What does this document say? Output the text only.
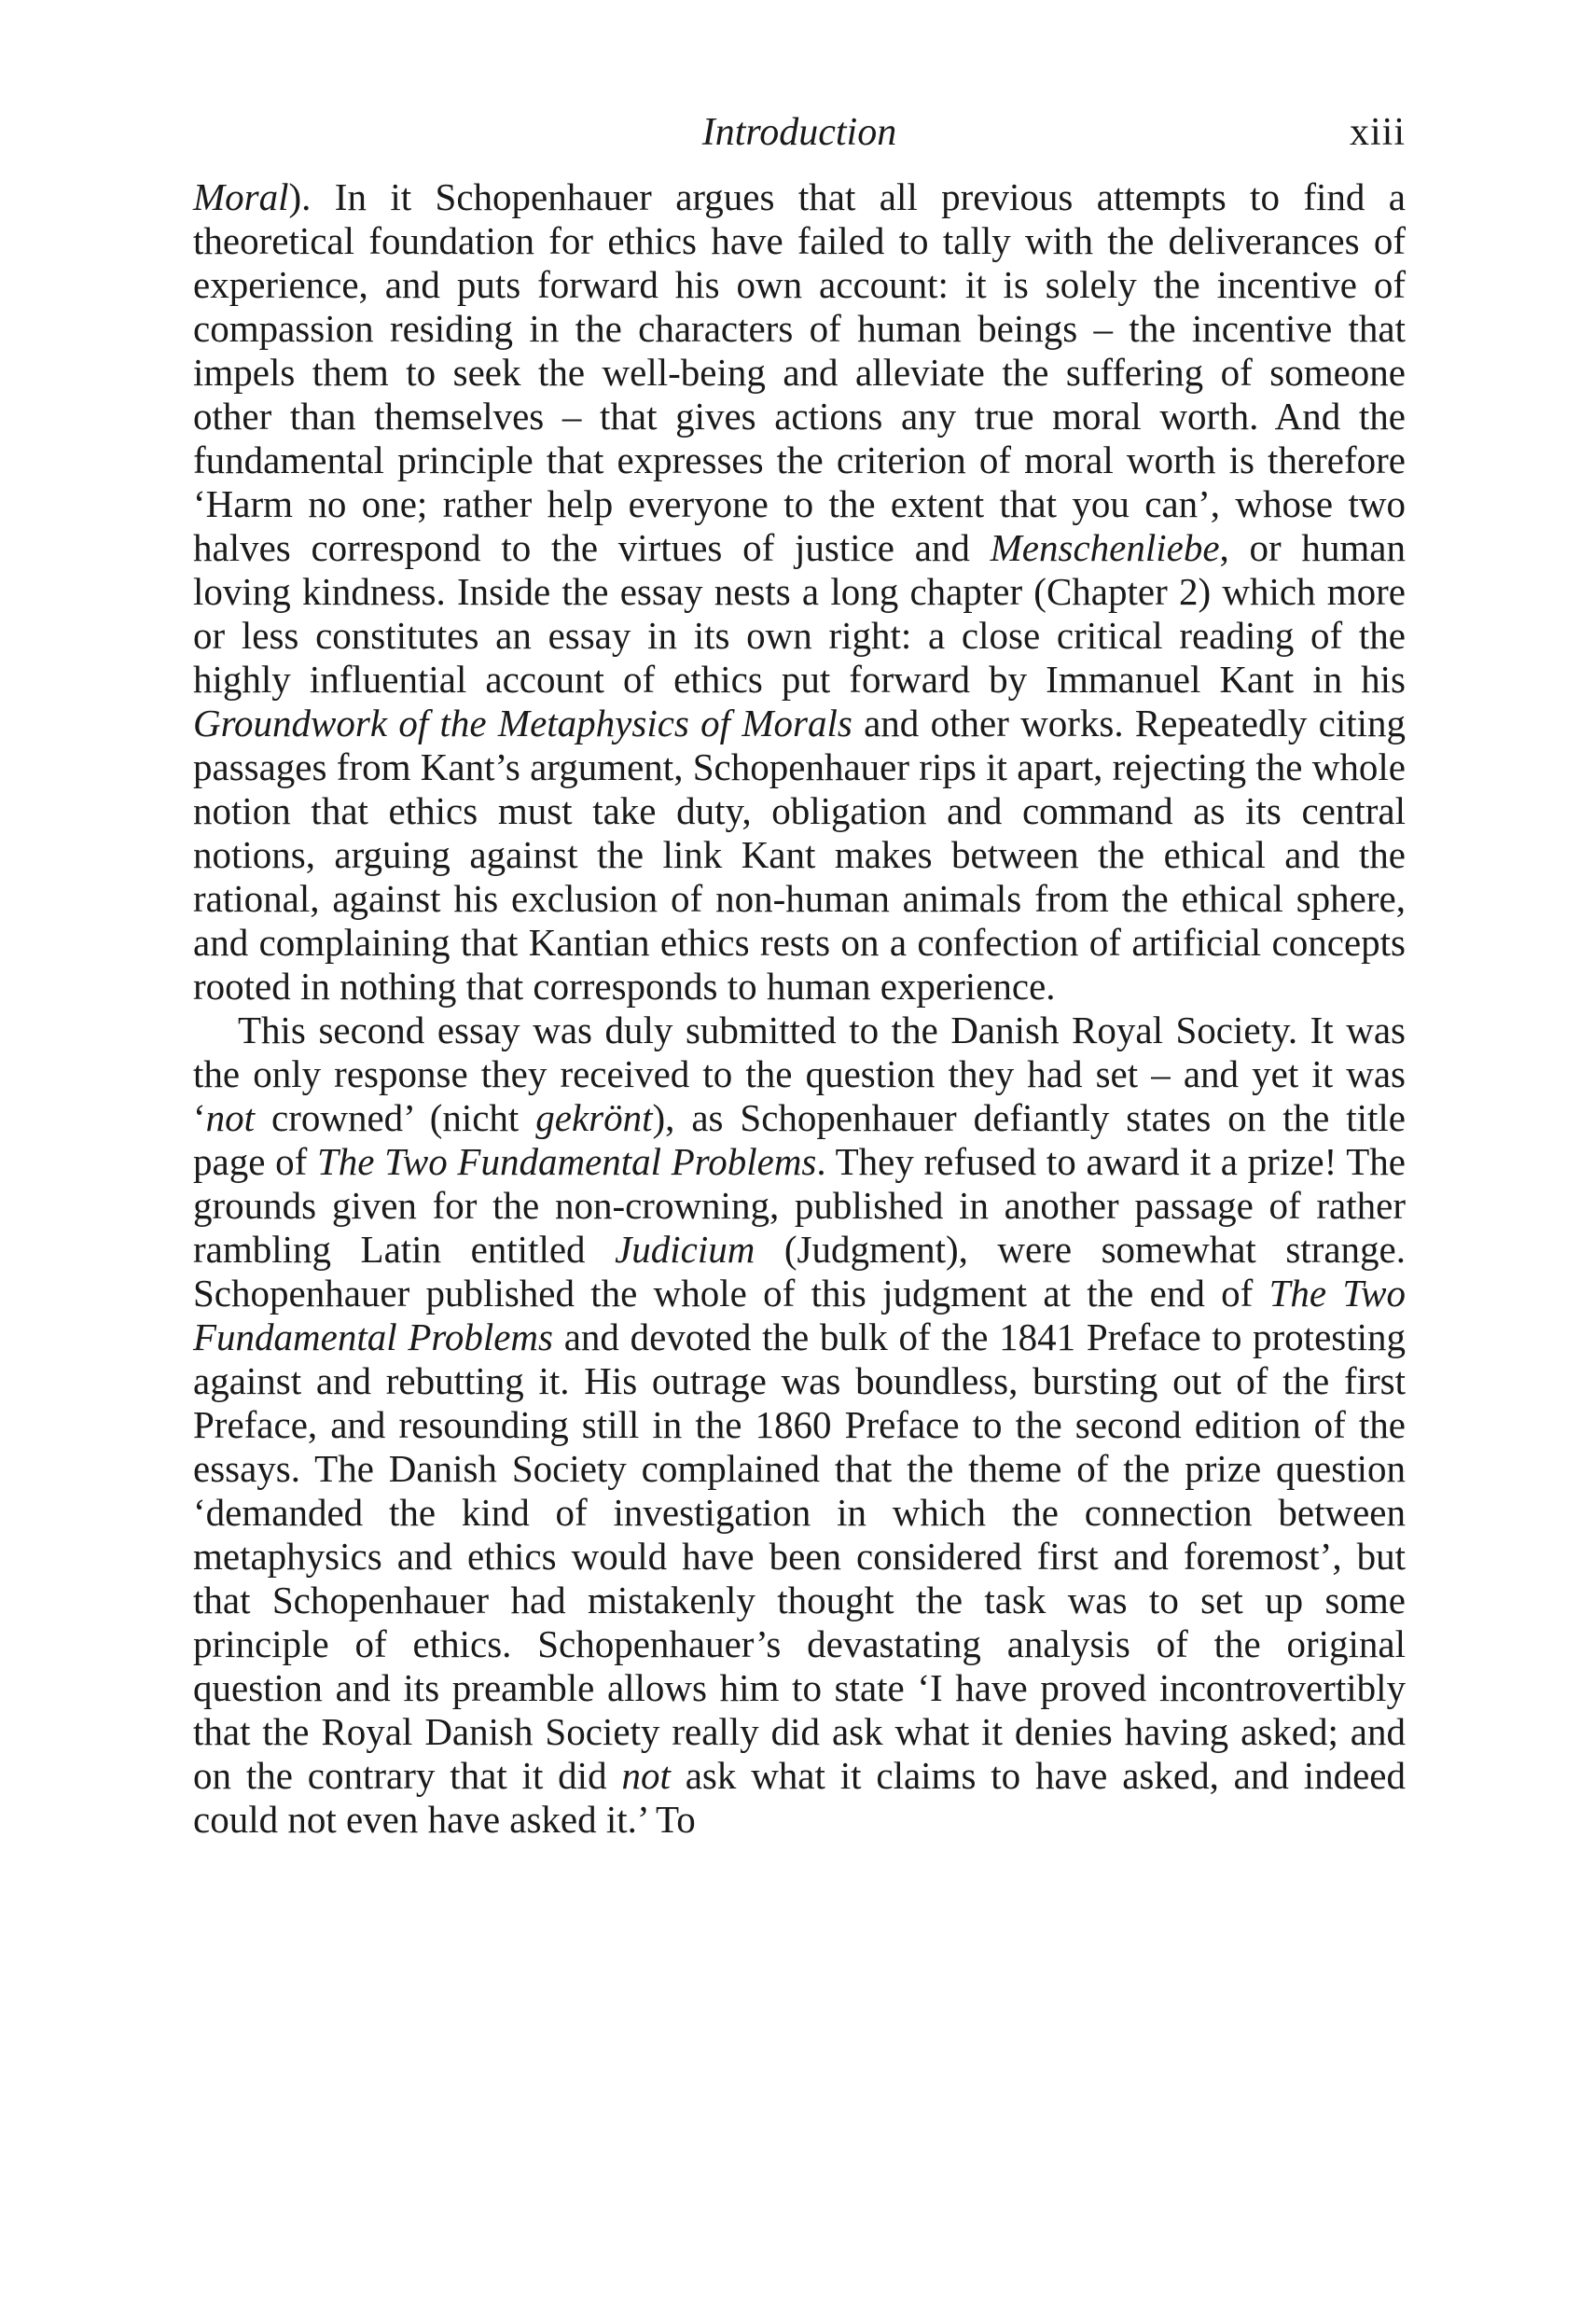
Introduction	xiii

Moral). In it Schopenhauer argues that all previous attempts to find a theoretical foundation for ethics have failed to tally with the deliverances of experience, and puts forward his own account: it is solely the incentive of compassion residing in the characters of human beings – the incentive that impels them to seek the well-being and alleviate the suffering of someone other than themselves – that gives actions any true moral worth. And the fundamental principle that expresses the criterion of moral worth is therefore ‘Harm no one; rather help everyone to the extent that you can’, whose two halves correspond to the virtues of justice and Menschenliebe, or human loving kindness. Inside the essay nests a long chapter (Chapter 2) which more or less constitutes an essay in its own right: a close critical reading of the highly influential account of ethics put forward by Immanuel Kant in his Groundwork of the Metaphysics of Morals and other works. Repeatedly citing passages from Kant’s argument, Schopenhauer rips it apart, rejecting the whole notion that ethics must take duty, obligation and command as its central notions, arguing against the link Kant makes between the ethical and the rational, against his exclusion of non-human animals from the ethical sphere, and complaining that Kantian ethics rests on a confection of artificial concepts rooted in nothing that corresponds to human experience.

This second essay was duly submitted to the Danish Royal Society. It was the only response they received to the question they had set – and yet it was ‘not crowned’ (nicht gekrönt), as Schopenhauer defiantly states on the title page of The Two Fundamental Problems. They refused to award it a prize! The grounds given for the non-crowning, published in another passage of rather rambling Latin entitled Judicium (Judgment), were somewhat strange. Schopenhauer published the whole of this judgment at the end of The Two Fundamental Problems and devoted the bulk of the 1841 Preface to protesting against and rebutting it. His outrage was boundless, bursting out of the first Preface, and resounding still in the 1860 Preface to the second edition of the essays. The Danish Society complained that the theme of the prize question ‘demanded the kind of investigation in which the connection between metaphysics and ethics would have been considered first and foremost’, but that Schopenhauer had mistakenly thought the task was to set up some principle of ethics. Schopenhauer’s devastating analysis of the original question and its preamble allows him to state ‘I have proved incontrovertibly that the Royal Danish Society really did ask what it denies having asked; and on the contrary that it did not ask what it claims to have asked, and indeed could not even have asked it.’ To
